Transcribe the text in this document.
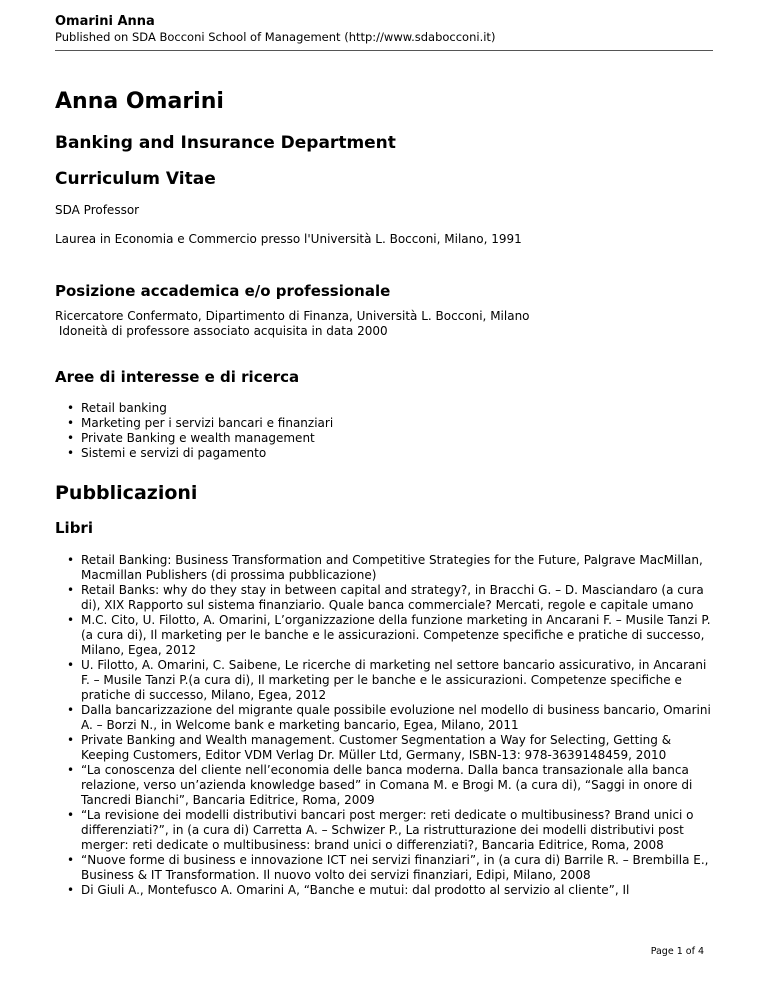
Omarini Anna
Published on SDA Bocconi School of Management (http://www.sdabocconi.it)
Anna Omarini
Banking and Insurance Department
Curriculum Vitae

SDA Professor

Laurea in Economia e Commercio presso l'Università L. Bocconi, Milano, 1991

Posizione accademica e/o professionale

Ricercatore Confermato, Dipartimento di Finanza, Università L. Bocconi, Milano

Idoneità di professore associato acquisita in data 2000

Aree di interesse e di ricerca
• Retail banking
• Marketing per i servizi bancari e finanziari
• Private Banking e wealth management
• Sistemi e servizi di pagamento
Pubblicazioni
Libri
• Retail Banking: Business Transformation and Competitive Strategies for the Future, Palgrave MacMillan, Macmillan Publishers (di prossima pubblicazione)
• Retail Banks: why do they stay in between capital and strategy?, in Bracchi G. – D. Masciandaro (a cura di), XIX Rapporto sul sistema finanziario. Quale banca commerciale? Mercati, regole e capitale umano
• M.C. Cito, U. Filotto, A. Omarini, L’organizzazione della funzione marketing in Ancarani F. – Musile Tanzi P.(a cura di), Il marketing per le banche e le assicurazioni. Competenze specifiche e pratiche di successo, Milano, Egea, 2012
• U. Filotto, A. Omarini, C. Saibene, Le ricerche di marketing nel settore bancario assicurativo, in Ancarani F. – Musile Tanzi P.(a cura di), Il marketing per le banche e le assicurazioni. Competenze specifiche e pratiche di successo, Milano, Egea, 2012
• Dalla bancarizzazione del migrante quale possibile evoluzione nel modello di business bancario, Omarini A. – Borzi N., in Welcome bank e marketing bancario, Egea, Milano, 2011
• Private Banking and Wealth management. Customer Segmentation a Way for Selecting, Getting & Keeping Customers, Editor VDM Verlag Dr. Müller Ltd, Germany, ISBN-13: 978-3639148459, 2010
• “La conoscenza del cliente nell’economia delle banca moderna. Dalla banca transazionale alla banca relazione, verso un’azienda knowledge based” in Comana M. e Brogi M. (a cura di), “Saggi in onore di Tancredi Bianchi”, Bancaria Editrice, Roma, 2009
• “La revisione dei modelli distributivi bancari post merger: reti dedicate o multibusiness? Brand unici o differenziati?”, in (a cura di) Carretta A. – Schwizer P., La ristrutturazione dei modelli distributivi post merger: reti dedicate o multibusiness: brand unici o differenziati?, Bancaria Editrice, Roma, 2008
• “Nuove forme di business e innovazione ICT nei servizi finanziari”, in (a cura di) Barrile R. – Brembilla E., Business & IT Transformation. Il nuovo volto dei servizi finanziari, Edipi, Milano, 2008
• Di Giuli A., Montefusco A. Omarini A, “Banche e mutui: dal prodotto al servizio al cliente”, Il
Page 1 of 4
